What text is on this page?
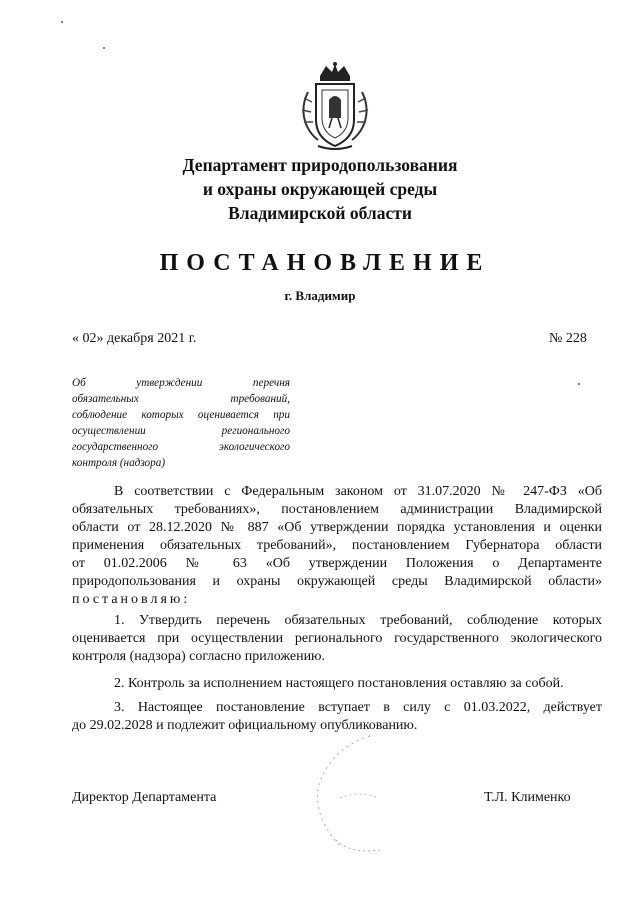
Департамент природопользования
и охраны окружающей среды
Владимирской области
ПОСТАНОВЛЕНИЕ
г. Владимир
« 02» декабря 2021 г.	№ 228
Об утверждении перечня
обязательных требований,
соблюдение которых оценивается при
осуществлении регионального
государственного экологического
контроля (надзора)
В соответствии с Федеральным законом от 31.07.2020 № 247-ФЗ «Об
обязательных требованиях», постановлением администрации Владимирской
области от 28.12.2020 № 887 «Об утверждении порядка установления и оценки
применения обязательных требований», постановлением Губернатора области
от 01.02.2006 № 63 «Об утверждении Положения о Департаменте
природопользования и охраны окружающей среды Владимирской области»
постановляю:
1. Утвердить перечень обязательных требований, соблюдение которых
оценивается при осуществлении регионального государственного экологического
контроля (надзора) согласно приложению.
2. Контроль за исполнением настоящего постановления оставляю за собой.
3. Настоящее постановление вступает в силу с 01.03.2022, действует
до 29.02.2028 и подлежит официальному опубликованию.
Директор Департамента	Т.Л. Клименко
